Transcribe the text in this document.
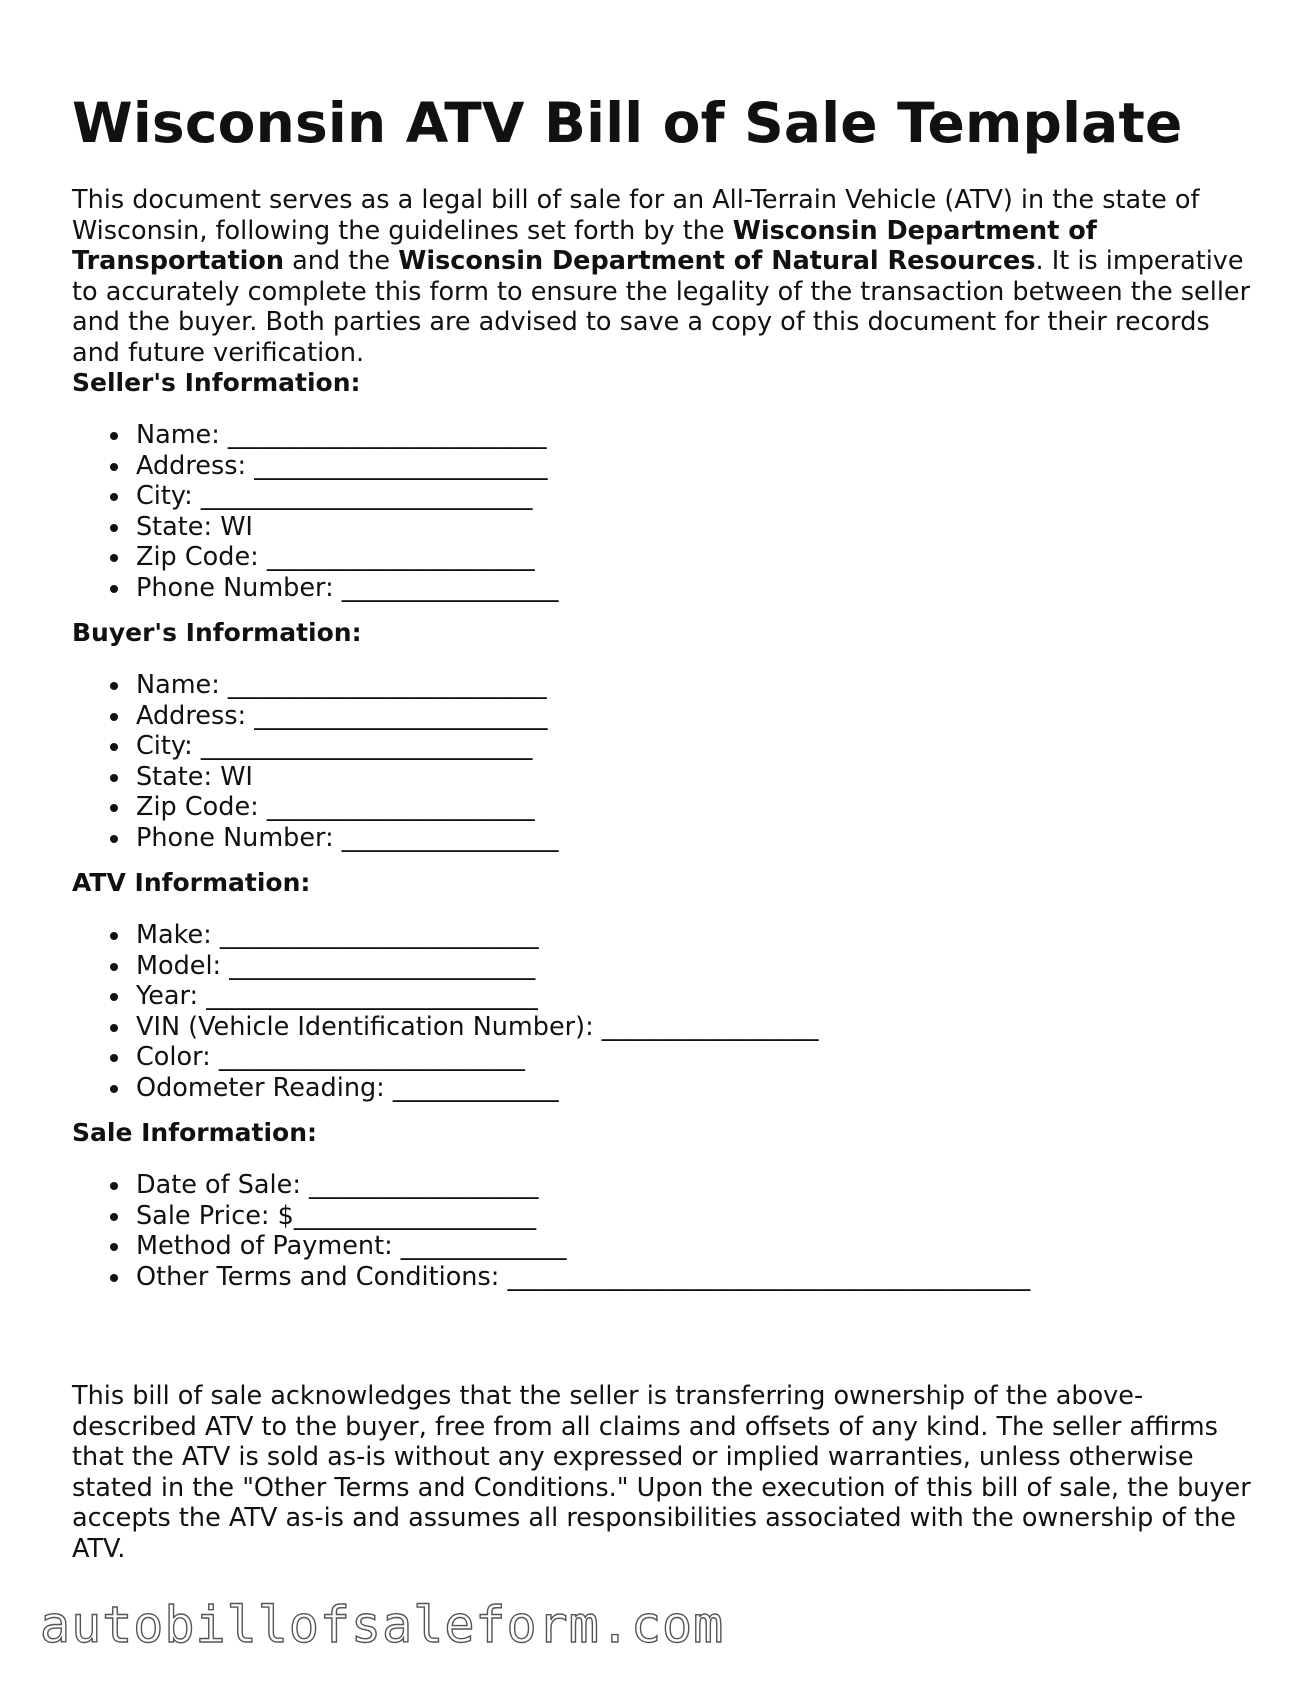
Wisconsin ATV Bill of Sale Template

This document serves as a legal bill of sale for an All-Terrain Vehicle (ATV) in the state of Wisconsin, following the guidelines set forth by the Wisconsin Department of Transportation and the Wisconsin Department of Natural Resources. It is imperative to accurately complete this form to ensure the legality of the transaction between the seller and the buyer. Both parties are advised to save a copy of this document for their records and future verification.

Seller's Information:
Name: _________________________
Address: _______________________
City: __________________________
State: WI
Zip Code: _____________________
Phone Number: _________________
Buyer's Information:
Name: _________________________
Address: _______________________
City: __________________________
State: WI
Zip Code: _____________________
Phone Number: _________________
ATV Information:
Make: _________________________
Model: ________________________
Year: __________________________
VIN (Vehicle Identification Number): _________________
Color: ________________________
Odometer Reading: _____________
Sale Information:
Date of Sale: __________________
Sale Price: $___________________
Method of Payment: _____________
Other Terms and Conditions: _________________________________________

This bill of sale acknowledges that the seller is transferring ownership of the above-described ATV to the buyer, free from all claims and offsets of any kind. The seller affirms that the ATV is sold as-is without any expressed or implied warranties, unless otherwise stated in the "Other Terms and Conditions." Upon the execution of this bill of sale, the buyer accepts the ATV as-is and assumes all responsibilities associated with the ownership of the ATV.

autobillofsaleform.com
